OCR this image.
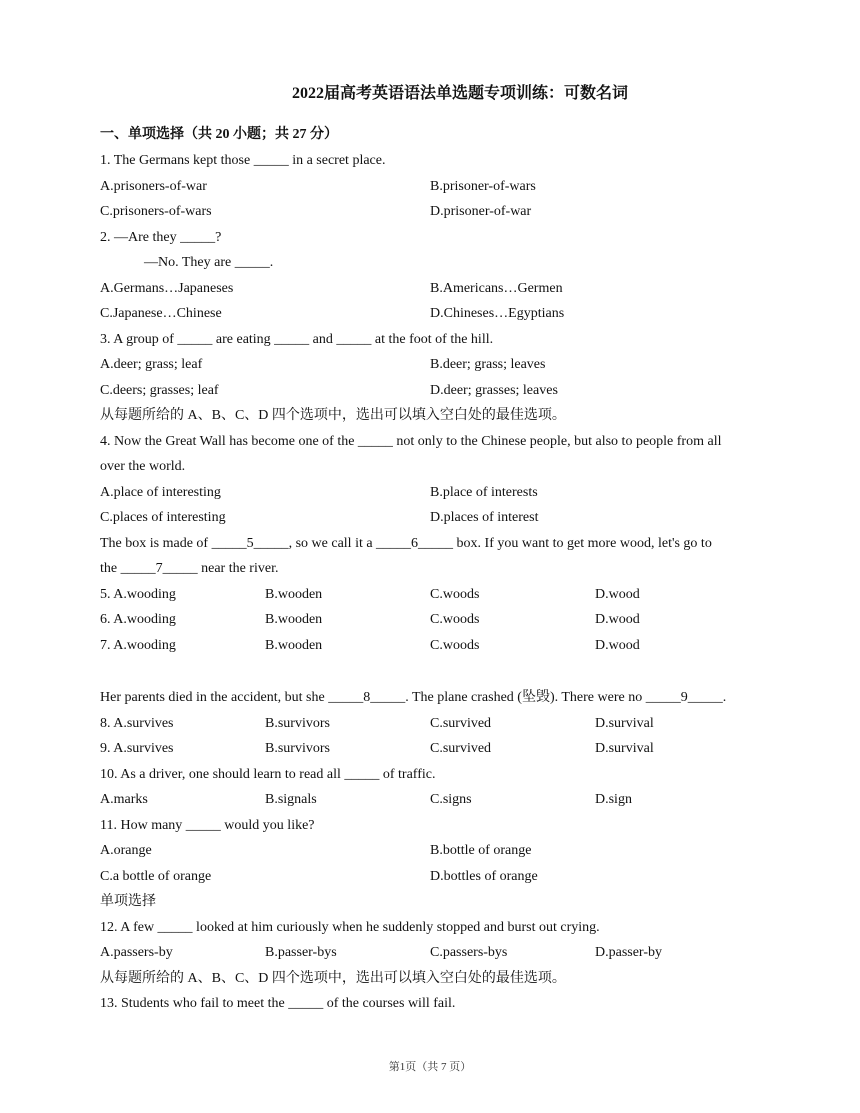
2022届高考英语语法单选题专项训练：可数名词
一、单项选择（共 20 小题；共 27 分）
1. The Germans kept those _____ in a secret place.
A.prisoners-of-war	B.prisoner-of-wars
C.prisoners-of-wars	D.prisoner-of-war
2. —Are they _____?
—No. They are _____.
A.Germans…Japaneses	B.Americans…Germen
C.Japanese…Chinese	D.Chineses…Egyptians
3. A group of _____ are eating _____ and _____ at the foot of the hill.
A.deer; grass; leaf	B.deer; grass; leaves
C.deers; grasses; leaf	D.deer; grasses; leaves
从每题所给的 A、B、C、D 四个选项中，选出可以填入空白处的最佳选项。
4. Now the Great Wall has become one of the _____ not only to the Chinese people, but also to people from all
over the world.
A.place of interesting	B.place of interests
C.places of interesting	D.places of interest
The box is made of _____5_____, so we call it a _____6_____ box. If you want to get more wood, let's go to
the _____7_____ near the river.
5. A.wooding	B.wooden	C.woods	D.wood
6. A.wooding	B.wooden	C.woods	D.wood
7. A.wooding	B.wooden	C.woods	D.wood
Her parents died in the accident, but she _____8_____. The plane crashed (坠毁). There were no _____9_____.
8. A.survives	B.survivors	C.survived	D.survival
9. A.survives	B.survivors	C.survived	D.survival
10. As a driver, one should learn to read all _____ of traffic.
A.marks	B.signals	C.signs	D.sign
11. How many _____ would you like?
A.orange	B.bottle of orange
C.a bottle of orange	D.bottles of orange
单项选择
12. A few _____ looked at him curiously when he suddenly stopped and burst out crying.
A.passers-by	B.passer-bys	C.passers-bys	D.passer-by
从每题所给的 A、B、C、D 四个选项中，选出可以填入空白处的最佳选项。
13. Students who fail to meet the _____ of the courses will fail.
第1页（共 7 页）
